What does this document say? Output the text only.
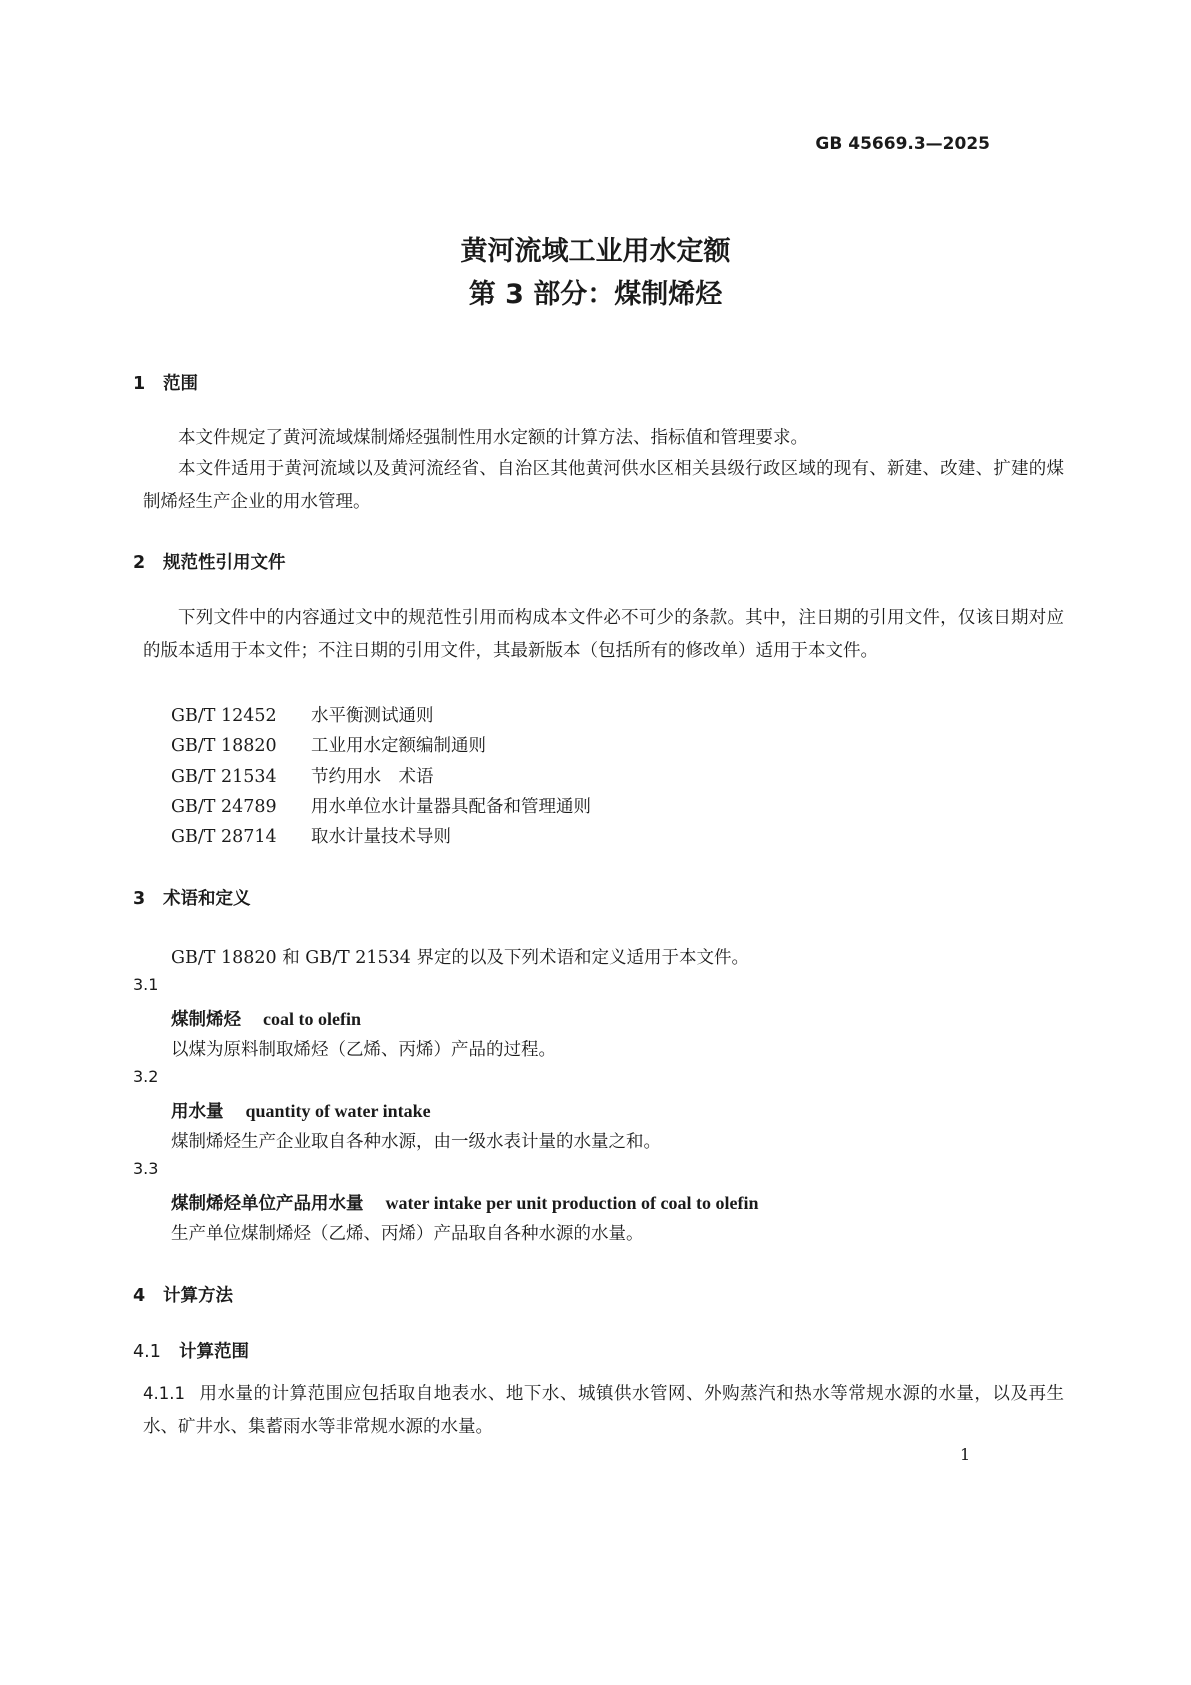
GB 45669.3—2025
黄河流域工业用水定额
第 3 部分：煤制烯烃
1 范围
本文件规定了黄河流域煤制烯烃强制性用水定额的计算方法、指标值和管理要求。
本文件适用于黄河流域以及黄河流经省、自治区其他黄河供水区相关县级行政区域的现有、新建、改建、扩建的煤制烯烃生产企业的用水管理。
2 规范性引用文件
下列文件中的内容通过文中的规范性引用而构成本文件必不可少的条款。其中，注日期的引用文件，仅该日期对应的版本适用于本文件；不注日期的引用文件，其最新版本（包括所有的修改单）适用于本文件。
GB/T 12452 水平衡测试通则
GB/T 18820 工业用水定额编制通则
GB/T 21534 节约用水　术语
GB/T 24789 用水单位水计量器具配备和管理通则
GB/T 28714 取水计量技术导则
3 术语和定义
GB/T 18820 和 GB/T 21534 界定的以及下列术语和定义适用于本文件。
3.1
煤制烯烃 coal to olefin
以煤为原料制取烯烃（乙烯、丙烯）产品的过程。
3.2
用水量 quantity of water intake
煤制烯烃生产企业取自各种水源，由一级水表计量的水量之和。
3.3
煤制烯烃单位产品用水量 water intake per unit production of coal to olefin
生产单位煤制烯烃（乙烯、丙烯）产品取自各种水源的水量。
4 计算方法
4.1 计算范围
4.1.1 用水量的计算范围应包括取自地表水、地下水、城镇供水管网、外购蒸汽和热水等常规水源的水量，以及再生水、矿井水、集蓄雨水等非常规水源的水量。
1
